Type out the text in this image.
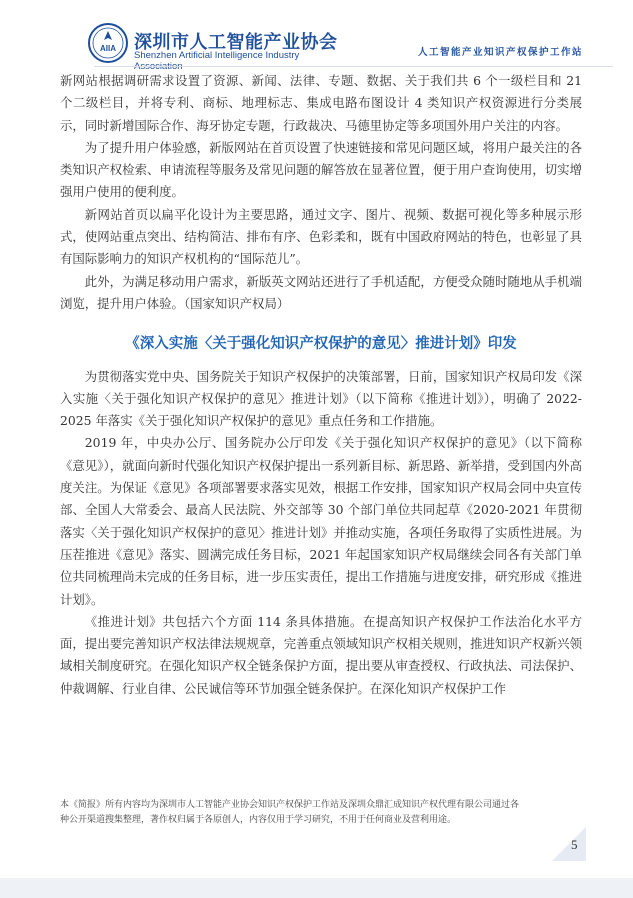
AIIA 深圳市人工智能产业协会
Shenzhen Artificial Intelligence Industry
Association
人工智能产业知识产权保护工作站

新网站根据调研需求设置了资源、新闻、法律、专题、数据、关于我们共 6 个一级栏目和 21 个二级栏目，并将专利、商标、地理标志、集成电路布图设计 4 类知识产权资源进行分类展示，同时新增国际合作、海牙协定专题，行政裁决、马德里协定等多项国外用户关注的内容。

为了提升用户体验感，新版网站在首页设置了快速链接和常见问题区域，将用户最关注的各类知识产权检索、申请流程等服务及常见问题的解答放在显著位置，便于用户查询使用，切实增强用户使用的便利度。

新网站首页以扁平化设计为主要思路，通过文字、图片、视频、数据可视化等多种展示形式，使网站重点突出、结构简洁、排布有序、色彩柔和，既有中国政府网站的特色，也彰显了具有国际影响力的知识产权机构的“国际范儿”。

此外，为满足移动用户需求，新版英文网站还进行了手机适配，方便受众随时随地从手机端浏览，提升用户体验。（国家知识产权局）

《深入实施〈关于强化知识产权保护的意见〉推进计划》印发

为贯彻落实党中央、国务院关于知识产权保护的决策部署，日前，国家知识产权局印发《深入实施〈关于强化知识产权保护的意见〉推进计划》（以下简称《推进计划》），明确了 2022-2025 年落实《关于强化知识产权保护的意见》重点任务和工作措施。

2019 年，中央办公厅、国务院办公厅印发《关于强化知识产权保护的意见》（以下简称《意见》），就面向新时代强化知识产权保护提出一系列新目标、新思路、新举措，受到国内外高度关注。为保证《意见》各项部署要求落实见效，根据工作安排，国家知识产权局会同中央宣传部、全国人大常委会、最高人民法院、外交部等 30 个部门单位共同起草《2020-2021 年贯彻落实〈关于强化知识产权保护的意见〉推进计划》并推动实施，各项任务取得了实质性进展。为压茬推进《意见》落实、圆满完成任务目标，2021 年起国家知识产权局继续会同各有关部门单位共同梳理尚未完成的任务目标，进一步压实责任，提出工作措施与进度安排，研究形成《推进计划》。

《推进计划》共包括六个方面 114 条具体措施。在提高知识产权保护工作法治化水平方面，提出要完善知识产权法律法规规章，完善重点领域知识产权相关规则，推进知识产权新兴领域相关制度研究。在强化知识产权全链条保护方面，提出要从审查授权、行政执法、司法保护、仲裁调解、行业自律、公民诚信等环节加强全链条保护。在深化知识产权保护工作

本《简报》所有内容均为深圳市人工智能产业协会知识产权保护工作站及深圳众鼎汇成知识产权代理有限公司通过各种公开渠道搜集整理，著作权归属于各原创人，内容仅用于学习研究，不用于任何商业及营利用途。
5
